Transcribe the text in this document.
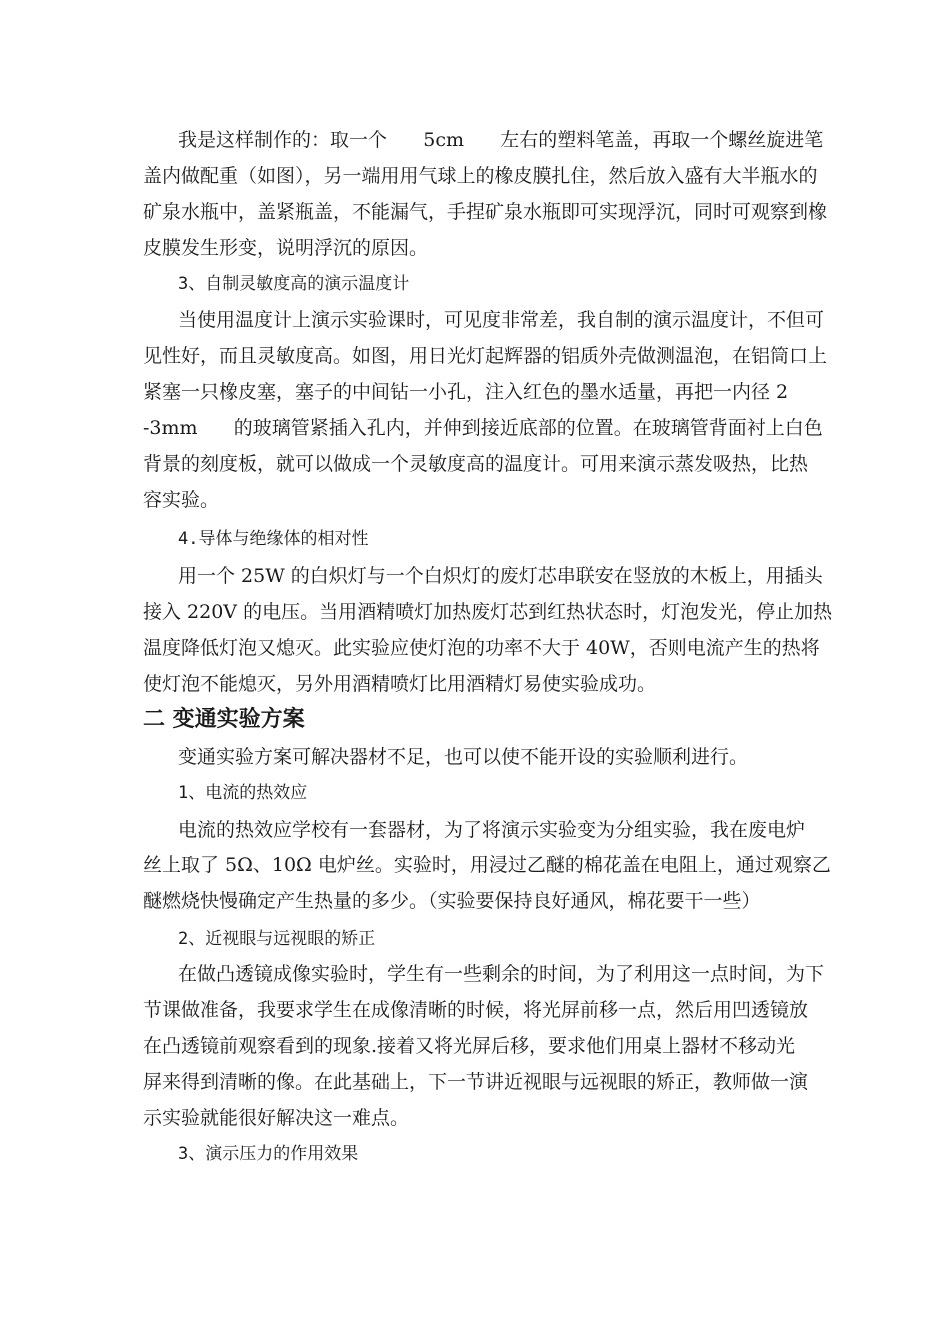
我是这样制作的：取一个      5cm      左右的塑料笔盖，再取一个螺丝旋进笔
盖内做配重（如图），另一端用用气球上的橡皮膜扎住，然后放入盛有大半瓶水的
矿泉水瓶中，盖紧瓶盖，不能漏气，手捏矿泉水瓶即可实现浮沉，同时可观察到橡
皮膜发生形变，说明浮沉的原因。
3、自制灵敏度高的演示温度计
当使用温度计上演示实验课时，可见度非常差，我自制的演示温度计，不但可
见性好，而且灵敏度高。如图，用日光灯起辉器的铝质外壳做测温泡，在铝筒口上
紧塞一只橡皮塞，塞子的中间钻一小孔，注入红色的墨水适量，再把一内径 2
-3mm      的玻璃管紧插入孔内，并伸到接近底部的位置。在玻璃管背面衬上白色
背景的刻度板，就可以做成一个灵敏度高的温度计。可用来演示蒸发吸热，比热
容实验。
4.导体与绝缘体的相对性
用一个 25W 的白炽灯与一个白炽灯的废灯芯串联安在竖放的木板上，用插头
接入 220V 的电压。当用酒精喷灯加热废灯芯到红热状态时，灯泡发光，停止加热
温度降低灯泡又熄灭。此实验应使灯泡的功率不大于 40W，否则电流产生的热将
使灯泡不能熄灭，另外用酒精喷灯比用酒精灯易使实验成功。
二 变通实验方案
变通实验方案可解决器材不足，也可以使不能开设的实验顺利进行。
1、电流的热效应
电流的热效应学校有一套器材，为了将演示实验变为分组实验，我在废电炉
丝上取了 5Ω、10Ω 电炉丝。实验时，用浸过乙醚的棉花盖在电阻上，通过观察乙
醚燃烧快慢确定产生热量的多少。（实验要保持良好通风，棉花要干一些）
2、近视眼与远视眼的矫正
在做凸透镜成像实验时，学生有一些剩余的时间，为了利用这一点时间，为下
节课做准备，我要求学生在成像清晰的时候，将光屏前移一点，然后用凹透镜放
在凸透镜前观察看到的现象.接着又将光屏后移，要求他们用桌上器材不移动光
屏来得到清晰的像。在此基础上，下一节讲近视眼与远视眼的矫正，教师做一演
示实验就能很好解决这一难点。
3、演示压力的作用效果
